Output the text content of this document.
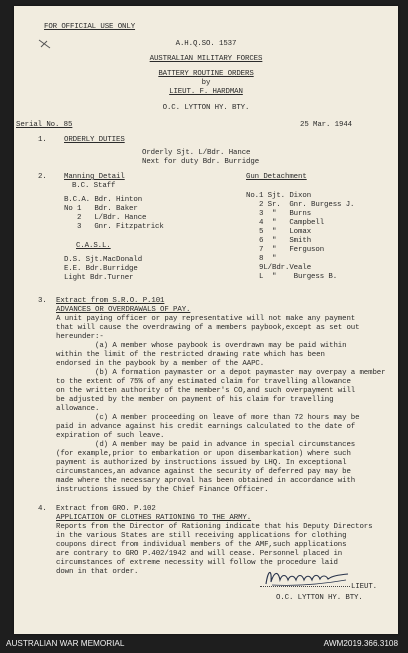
FOR OFFICIAL USE ONLY
A.H.Q.SO. 1537
AUSTRALIAN MILITARY FORCES
BATTERY ROUTINE ORDERS
by
LIEUT. F. HARDMAN
O.C. LYTTON HY. BTY.
Serial No. 85	25 Mar. 1944
1. ORDERLY DUTIES
Orderly Sjt. L/Bdr. Hance
Next for duty Bdr. Burridge
2. Manning Detail
B.C. Staff
B.C.A. Bdr. Hinton
No 1   Bdr. Baker
2   L/Bdr. Hance
3   Gnr. Fitzpatrick
C.A.S.L.
D.S. Sjt.MacDonald
E.E. Bdr.Burridge
Light Bdr.Turner
Gun Detachment
No.1 Sjt. Dixon
2 Sr.  Gnr. Burgess J.
3  "   Burns
4  "   Campbell
5  "   Lomax
6  "   Smith
7  "   Ferguson
8  "
9L/Bdr.Veale
L  "    Burgess B.
3. Extract from S.R.O. P.101
ADVANCES OR OVERDRAWALS OF PAY.
A unit paying officer or pay representative will not make any payment
that will cause the overdrawing of a members paybook,except as set out
hereunder:-
(a) A member whose paybook is overdrawn may be paid within
within the limit of the restricted drawing rate which has been
endorsed in the paybook by a member of the AAPC.
(b) A formation paymaster or a depot paymaster may overpay a member
to the extent of 75% of any estimated claim for travelling allowance
on the written authority of the member's CO,and such overpayment will
be adjusted by the member on payment of his claim for travelling
allowance.
(c) A member proceeding on leave of more than 72 hours may be
paid in advance against his credit earnings calculated to the date of
expiration of such leave.
(d) A member may be paid in advance in special circumstances
(for example,prior to embarkation or upon disembarkation) where such
payment is authorized by instructions issued by LHQ. In exceptional
circumstances,an advance against the security of deferred pay may be
made where the necessary aproval has been obtained in accordance with
instructions issued by the Chief Finance Officer.
4. Extract from GRO. P.102
APPLICATION OF CLOTHES RATIONING TO THE ARMY.
Reports from the Director of Rationing indicate that his Deputy Directors
in the various States are still receiving applications for clothing
coupons direct from individual members of the AMF,such applications
are contrary to GRO P.402/1942 and will cease. Personnel placed in
circumstances of extreme necessity will follow the procedure laid
down in that order.
LIEUT.
O.C. LYTTON HY. BTY.
AUSTRALIAN WAR MEMORIAL	AWM2019.366.3108
